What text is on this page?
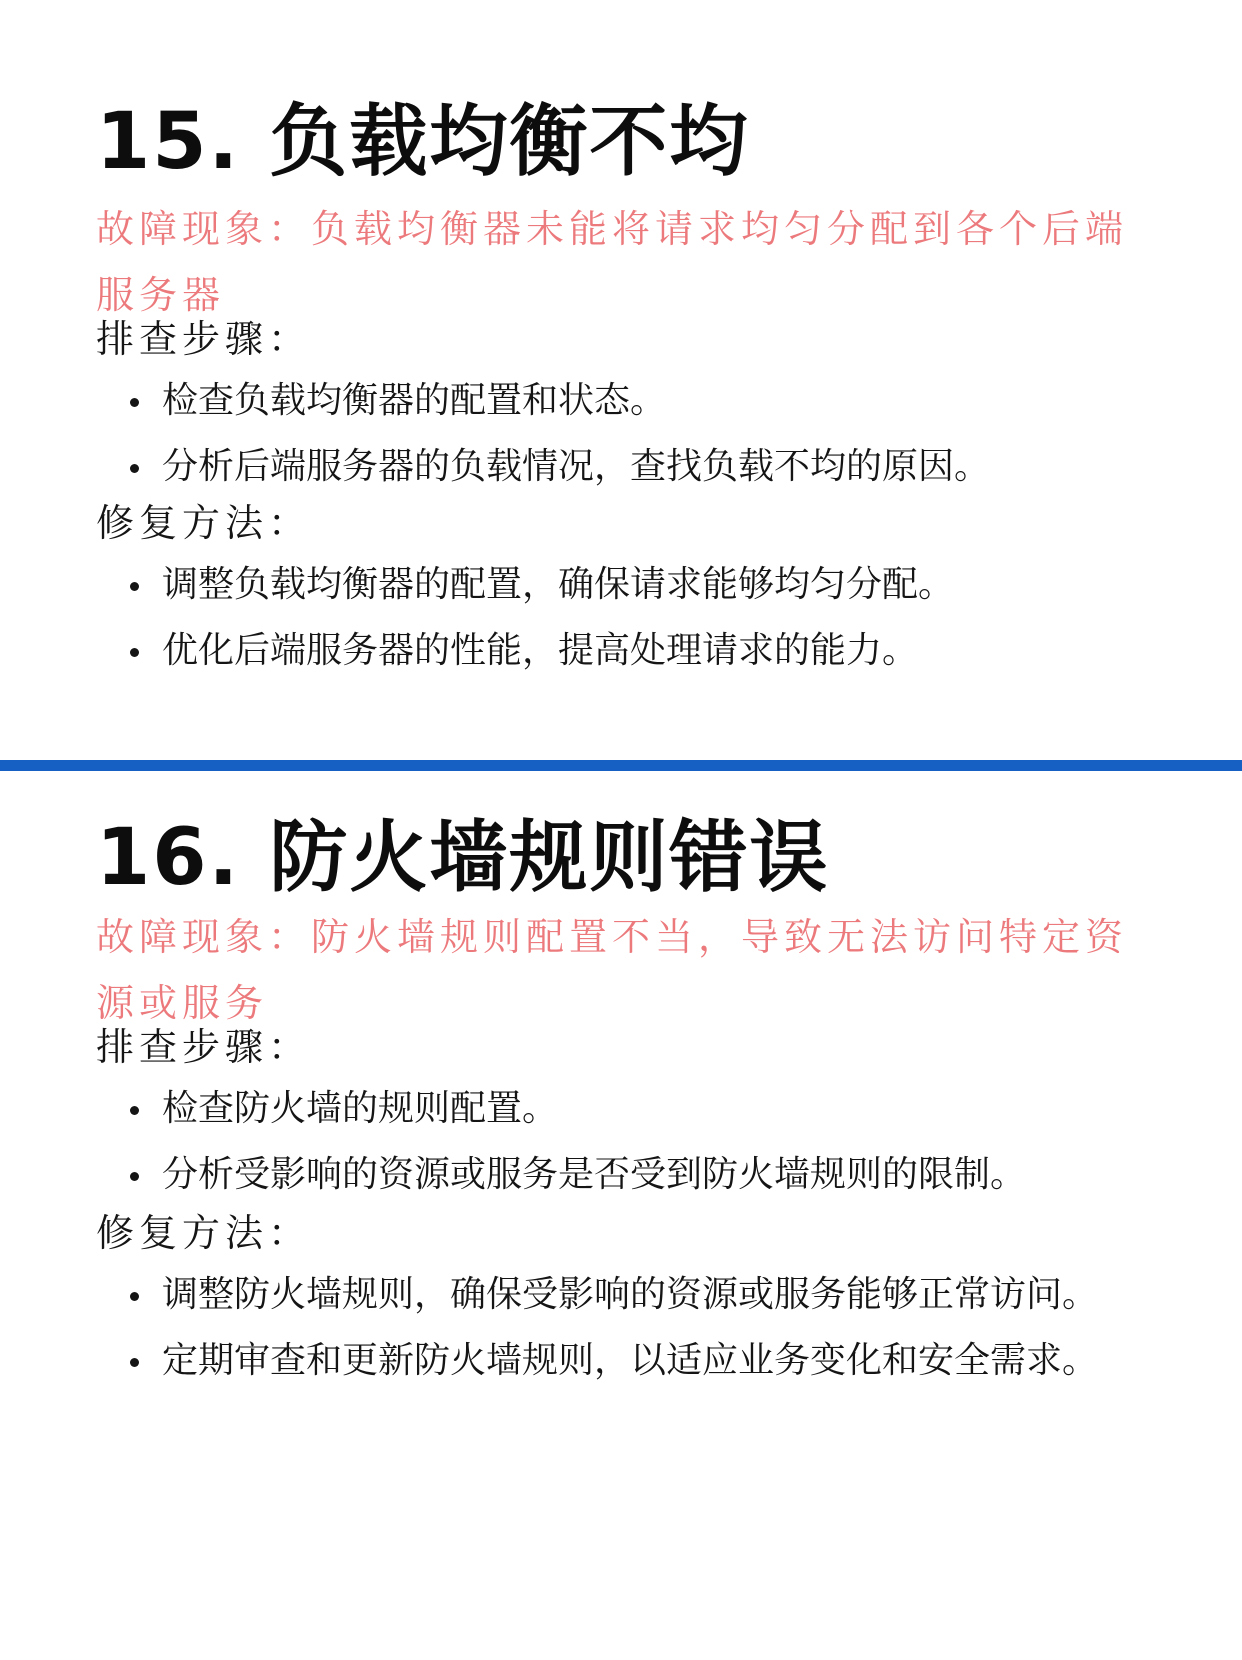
15. 负载均衡不均
故障现象：负载均衡器未能将请求均匀分配到各个后端服务器
排查步骤：
检查负载均衡器的配置和状态。
分析后端服务器的负载情况，查找负载不均的原因。
修复方法：
调整负载均衡器的配置，确保请求能够均匀分配。
优化后端服务器的性能，提高处理请求的能力。
16. 防火墙规则错误
故障现象：防火墙规则配置不当，导致无法访问特定资源或服务
排查步骤：
检查防火墙的规则配置。
分析受影响的资源或服务是否受到防火墙规则的限制。
修复方法：
调整防火墙规则，确保受影响的资源或服务能够正常访问。
定期审查和更新防火墙规则，以适应业务变化和安全需求。
